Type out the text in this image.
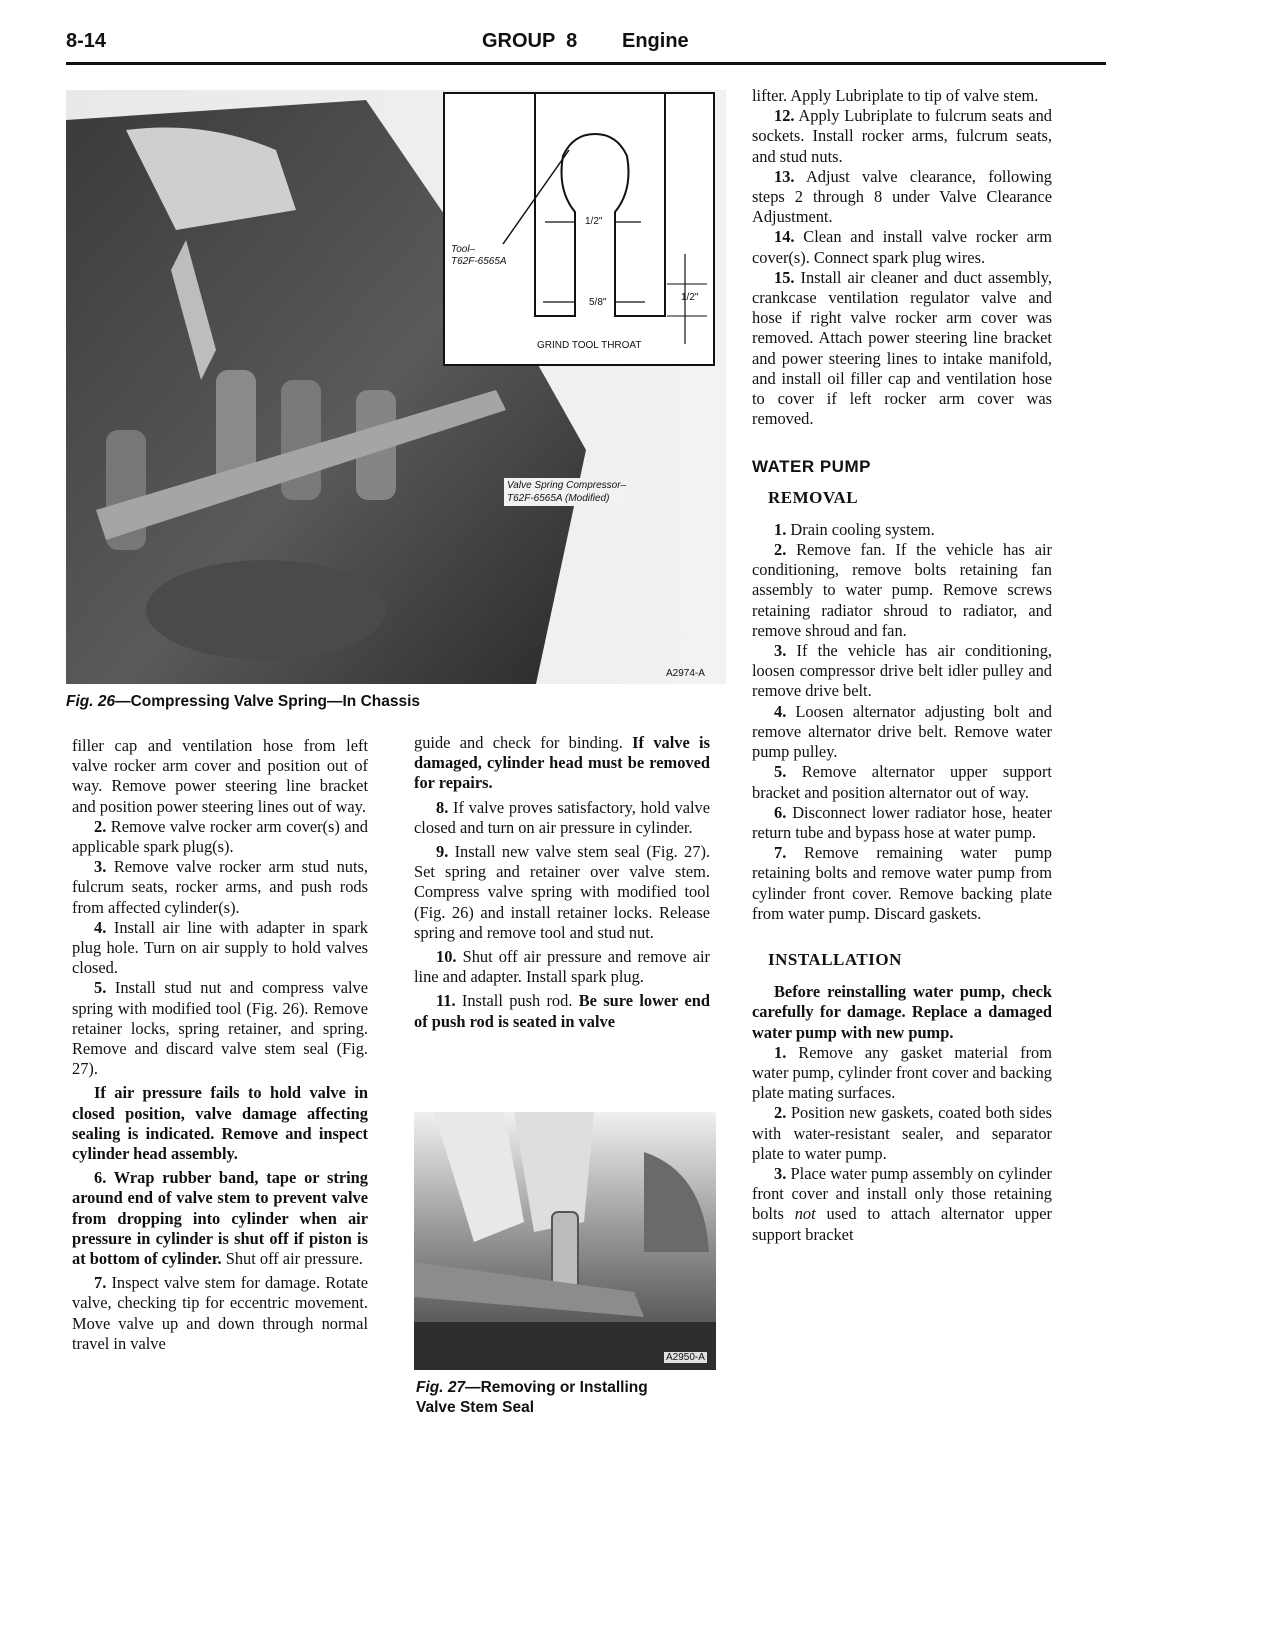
8-14	GROUP  8 Engine
Tool–
T62F-6565A
1/2"
5/8"	1/2"
GRIND TOOL THROAT
Valve Spring Compressor–
T62F-6565A (Modified)
A2974-A
Fig. 26—Compressing Valve Spring—In Chassis

filler cap and ventilation hose from left valve rocker arm cover and position out of way. Remove power steering line bracket and position power steering lines out of way.

2. Remove valve rocker arm cover(s) and applicable spark plug(s).

3. Remove valve rocker arm stud nuts, fulcrum seats, rocker arms, and push rods from affected cylinder(s).

4. Install air line with adapter in spark plug hole. Turn on air supply to hold valves closed.

5. Install stud nut and compress valve spring with modified tool (Fig. 26). Remove retainer locks, spring retainer, and spring. Remove and discard valve stem seal (Fig. 27).

If air pressure fails to hold valve in closed position, valve damage affecting sealing is indicated. Remove and inspect cylinder head assembly.

6. Wrap rubber band, tape or string around end of valve stem to prevent valve from dropping into cylinder when air pressure in cylinder is shut off if piston is at bottom of cylinder. Shut off air pressure.

7. Inspect valve stem for damage. Rotate valve, checking tip for eccentric movement. Move valve up and down through normal travel in valve

guide and check for binding. If valve is damaged, cylinder head must be removed for repairs.

8. If valve proves satisfactory, hold valve closed and turn on air pressure in cylinder.

9. Install new valve stem seal (Fig. 27). Set spring and retainer over valve stem. Compress valve spring with modified tool (Fig. 26) and install retainer locks. Release spring and remove tool and stud nut.

10. Shut off air pressure and remove air line and adapter. Install spark plug.

11. Install push rod. Be sure lower end of push rod is seated in valve

A2950-A
Fig. 27—Removing or Installing
Valve Stem Seal

lifter. Apply Lubriplate to tip of valve stem.

12. Apply Lubriplate to fulcrum seats and sockets. Install rocker arms, fulcrum seats, and stud nuts.

13. Adjust valve clearance, following steps 2 through 8 under Valve Clearance Adjustment.

14. Clean and install valve rocker arm cover(s). Connect spark plug wires.

15. Install air cleaner and duct assembly, crankcase ventilation regulator valve and hose if right valve rocker arm cover was removed. Attach power steering line bracket and power steering lines to intake manifold, and install oil filler cap and ventilation hose to cover if left rocker arm cover was removed.

WATER PUMP
REMOVAL

1. Drain cooling system.

2. Remove fan. If the vehicle has air conditioning, remove bolts retaining fan assembly to water pump. Remove screws retaining radiator shroud to radiator, and remove shroud and fan.

3. If the vehicle has air conditioning, loosen compressor drive belt idler pulley and remove drive belt.

4. Loosen alternator adjusting bolt and remove alternator drive belt. Remove water pump pulley.

5. Remove alternator upper support bracket and position alternator out of way.

6. Disconnect lower radiator hose, heater return tube and bypass hose at water pump.

7. Remove remaining water pump retaining bolts and remove water pump from cylinder front cover. Remove backing plate from water pump. Discard gaskets.

INSTALLATION

Before reinstalling water pump, check carefully for damage. Replace a damaged water pump with new pump.

1. Remove any gasket material from water pump, cylinder front cover and backing plate mating surfaces.

2. Position new gaskets, coated both sides with water-resistant sealer, and separator plate to water pump.

3. Place water pump assembly on cylinder front cover and install only those retaining bolts not used to attach alternator upper support bracket
